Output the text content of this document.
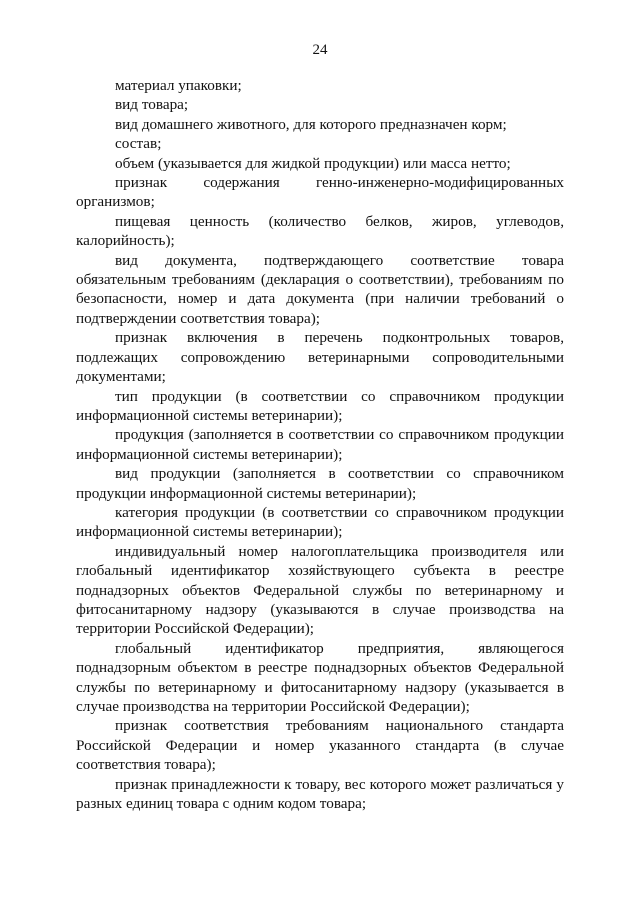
24

материал упаковки;

вид товара;

вид домашнего животного, для которого предназначен корм;

состав;

объем (указывается для жидкой продукции) или масса нетто;

признак содержания генно-инженерно-модифицированных организмов;

пищевая ценность (количество белков, жиров, углеводов, калорийность);

вид документа, подтверждающего соответствие товара обязательным требованиям (декларация о соответствии), требованиям по безопасности, номер и дата документа (при наличии требований о подтверждении соответствия товара);

признак включения в перечень подконтрольных товаров, подлежащих сопровождению ветеринарными сопроводительными документами;

тип продукции (в соответствии со справочником продукции информационной системы ветеринарии);

продукция (заполняется в соответствии со справочником продукции информационной системы ветеринарии);

вид продукции (заполняется в соответствии со справочником продукции информационной системы ветеринарии);

категория продукции (в соответствии со справочником продукции информационной системы ветеринарии);

индивидуальный номер налогоплательщика производителя или глобальный идентификатор хозяйствующего субъекта в реестре поднадзорных объектов Федеральной службы по ветеринарному и фитосанитарному надзору (указываются в случае производства на территории Российской Федерации);

глобальный идентификатор предприятия, являющегося поднадзорным объектом в реестре поднадзорных объектов Федеральной службы по ветеринарному и фитосанитарному надзору (указывается в случае производства на территории Российской Федерации);

признак соответствия требованиям национального стандарта Российской Федерации и номер указанного стандарта (в случае соответствия товара);

признак принадлежности к товару, вес которого может различаться у разных единиц товара с одним кодом товара;
